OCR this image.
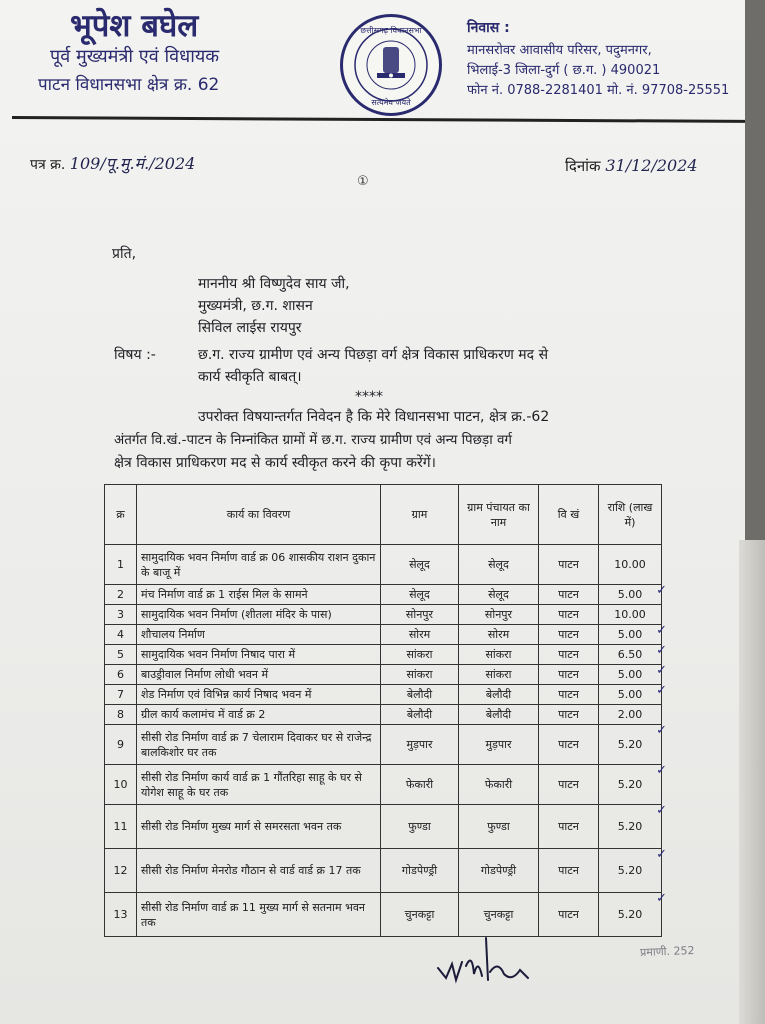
भूपेश बघेल
पूर्व मुख्यमंत्री एवं विधायक
पाटन विधानसभा क्षेत्र क्र. 62
छत्तीसगढ़ विधानसभा
सत्यमेव जयते
निवास :
मानसरोवर आवासीय परिसर, पदुमनगर,
भिलाई-3 जिला-दुर्ग ( छ.ग. ) 490021
फोन नं. 0788-2281401 मो. नं. 97708-25551
पत्र क्र. 109/पू.मु.मं./2024
①
दिनांक 31/12/2024
प्रति,
माननीय श्री विष्णुदेव साय जी,
मुख्यमंत्री, छ.ग. शासन
सिविल लाईस रायपुर
विषय :-	छ.ग. राज्य ग्रामीण एवं अन्य पिछड़ा वर्ग क्षेत्र विकास प्राधिकरण मद से
कार्य स्वीकृति बाबत्।
****
उपरोक्त विषयान्तर्गत निवेदन है कि मेरे विधानसभा पाटन, क्षेत्र क्र.-62
अंतर्गत वि.खं.-पाटन के निम्नांकित ग्रामों में छ.ग. राज्य ग्रामीण एवं अन्य पिछड़ा वर्ग
क्षेत्र विकास प्राधिकरण मद से कार्य स्वीकृत करने की कृपा करेंगें।
क्र	कार्य का विवरण	ग्राम	ग्राम पंचायत का नाम	वि खं	राशि (लाख में)
1	सामुदायिक भवन निर्माण वार्ड क्र 06 शासकीय राशन दुकान के बाजू में	सेलूद	सेलूद	पाटन	10.00

2	मंच निर्माण वार्ड क्र 1 राईस मिल के सामने	सेलूद	सेलूद	पाटन	5.00 ✓

3	सामुदायिक भवन निर्माण (शीतला मंदिर के पास)	सोनपुर	सोनपुर	पाटन	10.00

4	शौचालय निर्माण	सोरम	सोरम	पाटन	5.00 ✓

5	सामुदायिक भवन निर्माण निषाद पारा में	सांकरा	सांकरा	पाटन	6.50 ✓

6	बाउड्रीवाल निर्माण लोधी भवन में	सांकरा	सांकरा	पाटन	5.00 ✓

7	शेड निर्माण एवं विभिन्न कार्य निषाद भवन में	बेलौदी	बेलौदी	पाटन	5.00 ✓

8	ग्रील कार्य कलामंच में वार्ड क्र 2	बेलौदी	बेलौदी	पाटन	2.00

9	सीसी रोड निर्माण वार्ड क्र 7 चेलाराम दिवाकर घर से राजेन्द्र बालकिशोर घर तक	मुड़पार	मुड़पार	पाटन	5.20
✓

10	सीसी रोड निर्माण कार्य वार्ड क्र 1 गौंतरिहा साहू के घर से योगेश साहू के घर तक	फेकारी	फेकारी	पाटन	5.20
✓

11	सीसी रोड निर्माण मुख्य मार्ग से समरसता भवन तक	फुण्डा	फुण्डा	पाटन	5.20
✓

12	सीसी रोड निर्माण मेनरोड गौठान से वार्ड वार्ड क्र 17 तक	गोडपेण्ड्री	गोडपेण्ड्री	पाटन	5.20
✓

13	सीसी रोड निर्माण वार्ड क्र 11 मुख्य मार्ग से सतनाम भवन तक	चुनकट्टा	चुनकट्टा	पाटन	5.20
✓
प्रमाणी. 252
